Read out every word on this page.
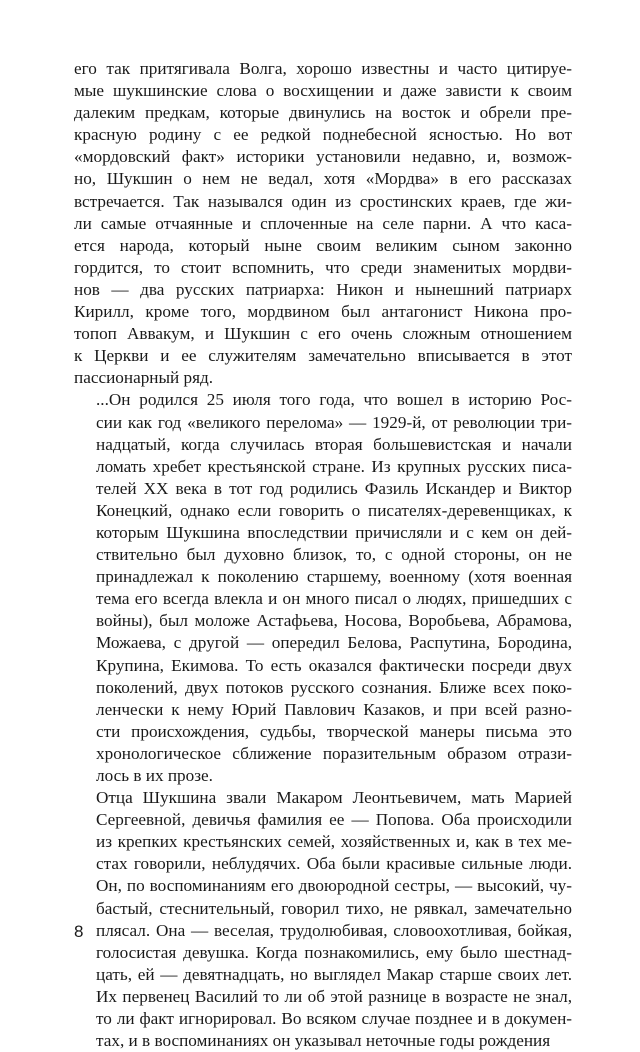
его так притягивала Волга, хорошо известны и часто цитируе-
мые шукшинские слова о восхищении и даже зависти к своим
далеким предкам, которые двинулись на восток и обрели пре-
красную родину с ее редкой поднебесной ясностью. Но вот
«мордовский факт» историки установили недавно, и, возмож-
но, Шукшин о нем не ведал, хотя «Мордва» в его рассказах
встречается. Так назывался один из сростинских краев, где жи-
ли самые отчаянные и сплоченные на селе парни. А что каса-
ется народа, который ныне своим великим сыном законно
гордится, то стоит вспомнить, что среди знаменитых мордви-
нов — два русских патриарха: Никон и нынешний патриарх
Кирилл, кроме того, мордвином был антагонист Никона про-
топоп Аввакум, и Шукшин с его очень сложным отношением
к Церкви и ее служителям замечательно вписывается в этот
пассионарный ряд.

...Он родился 25 июля того года, что вошел в историю Рос-
сии как год «великого перелома» — 1929-й, от революции три-
надцатый, когда случилась вторая большевистская и начали
ломать хребет крестьянской стране. Из крупных русских писа-
телей XX века в тот год родились Фазиль Искандер и Виктор
Конецкий, однако если говорить о писателях-деревенщиках, к
которым Шукшина впоследствии причисляли и с кем он дей-
ствительно был духовно близок, то, с одной стороны, он не
принадлежал к поколению старшему, военному (хотя военная
тема его всегда влекла и он много писал о людях, пришедших с
войны), был моложе Астафьева, Носова, Воробьева, Абрамова,
Можаева, с другой — опередил Белова, Распутина, Бородина,
Крупина, Екимова. То есть оказался фактически посреди двух
поколений, двух потоков русского сознания. Ближе всех поко-
ленчески к нему Юрий Павлович Казаков, и при всей разно-
сти происхождения, судьбы, творческой манеры письма это
хронологическое сближение поразительным образом отрази-
лось в их прозе.

Отца Шукшина звали Макаром Леонтьевичем, мать Марией
Сергеевной, девичья фамилия ее — Попова. Оба происходили
из крепких крестьянских семей, хозяйственных и, как в тех ме-
стах говорили, неблудячих. Оба были красивые сильные люди.
Он, по воспоминаниям его двоюродной сестры, — высокий, чу-
бастый, стеснительный, говорил тихо, не рявкал, замечательно
плясал. Она — веселая, трудолюбивая, словоохотливая, бойкая,
голосистая девушка. Когда познакомились, ему было шестнад-
цать, ей — девятнадцать, но выглядел Макар старше своих лет.
Их первенец Василий то ли об этой разнице в возрасте не знал,
то ли факт игнорировал. Во всяком случае позднее и в докумен-
тах, и в воспоминаниях он указывал неточные годы рождения

8
